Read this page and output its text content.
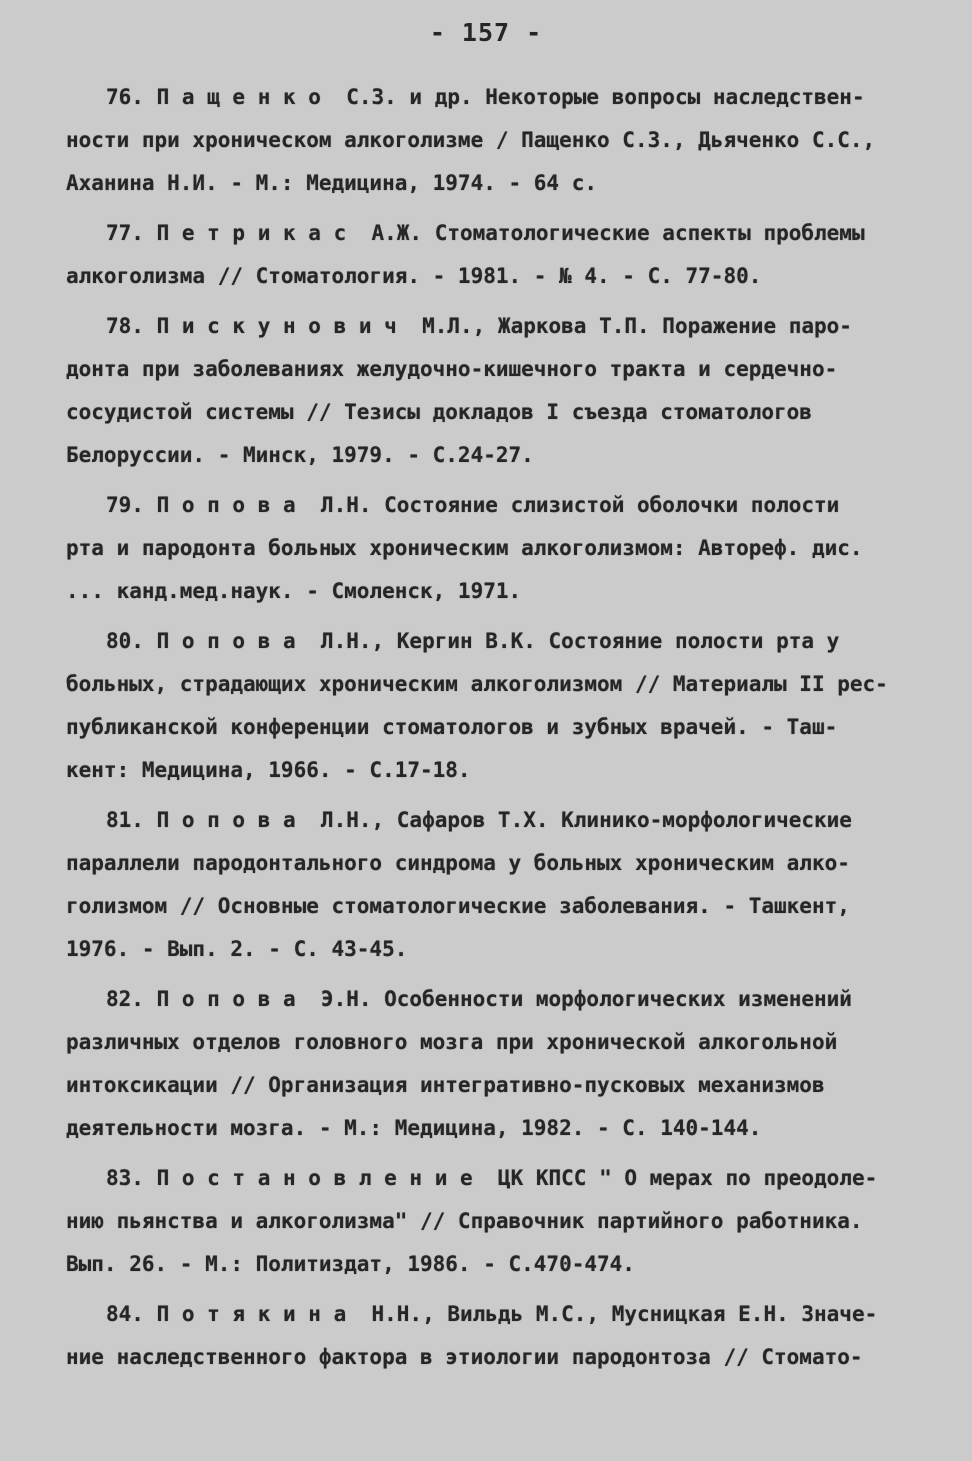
- 157 -
76. П а щ е н к о  С.З. и др. Некоторые вопросы наследствен-
ности при хроническом алкоголизме / Пащенко С.З., Дьяченко С.С.,
Аханина Н.И. - М.: Медицина, 1974. - 64 с.
77. П е т р и к а с  А.Ж. Стоматологические аспекты проблемы
алкоголизма // Стоматология. - 1981. - № 4. - С. 77-80.
78. П и с к у н о в и ч  М.Л., Жаркова Т.П. Поражение паро-
донта при заболеваниях желудочно-кишечного тракта и сердечно-
сосудистой системы // Тезисы докладов I съезда стоматологов
Белоруссии. - Минск, 1979. - С.24-27.
79. П о п о в а  Л.Н. Состояние слизистой оболочки полости
рта и пародонта больных хроническим алкоголизмом: Автореф. дис.
... канд.мед.наук. - Смоленск, 1971.
80. П о п о в а  Л.Н., Кергин В.К. Состояние полости рта у
больных, страдающих хроническим алкоголизмом // Материалы II рес-
публиканской конференции стоматологов и зубных врачей. - Таш-
кент: Медицина, 1966. - С.17-18.
81. П о п о в а  Л.Н., Сафаров Т.Х. Клинико-морфологические
параллели пародонтального синдрома у больных хроническим алко-
голизмом // Основные стоматологические заболевания. - Ташкент,
1976. - Вып. 2. - С. 43-45.
82. П о п о в а  Э.Н. Особенности морфологических изменений
различных отделов головного мозга при хронической алкогольной
интоксикации // Организация интегративно-пусковых механизмов
деятельности мозга. - М.: Медицина, 1982. - С. 140-144.
83. П о с т а н о в л е н и е  ЦК КПСС " О мерах по преодоле-
нию пьянства и алкоголизма" // Справочник партийного работника.
Вып. 26. - М.: Политиздат, 1986. - С.470-474.
84. П о т я к и н а  Н.Н., Вильдь М.С., Мусницкая Е.Н. Значе-
ние наследственного фактора в этиологии пародонтоза // Стомато-
